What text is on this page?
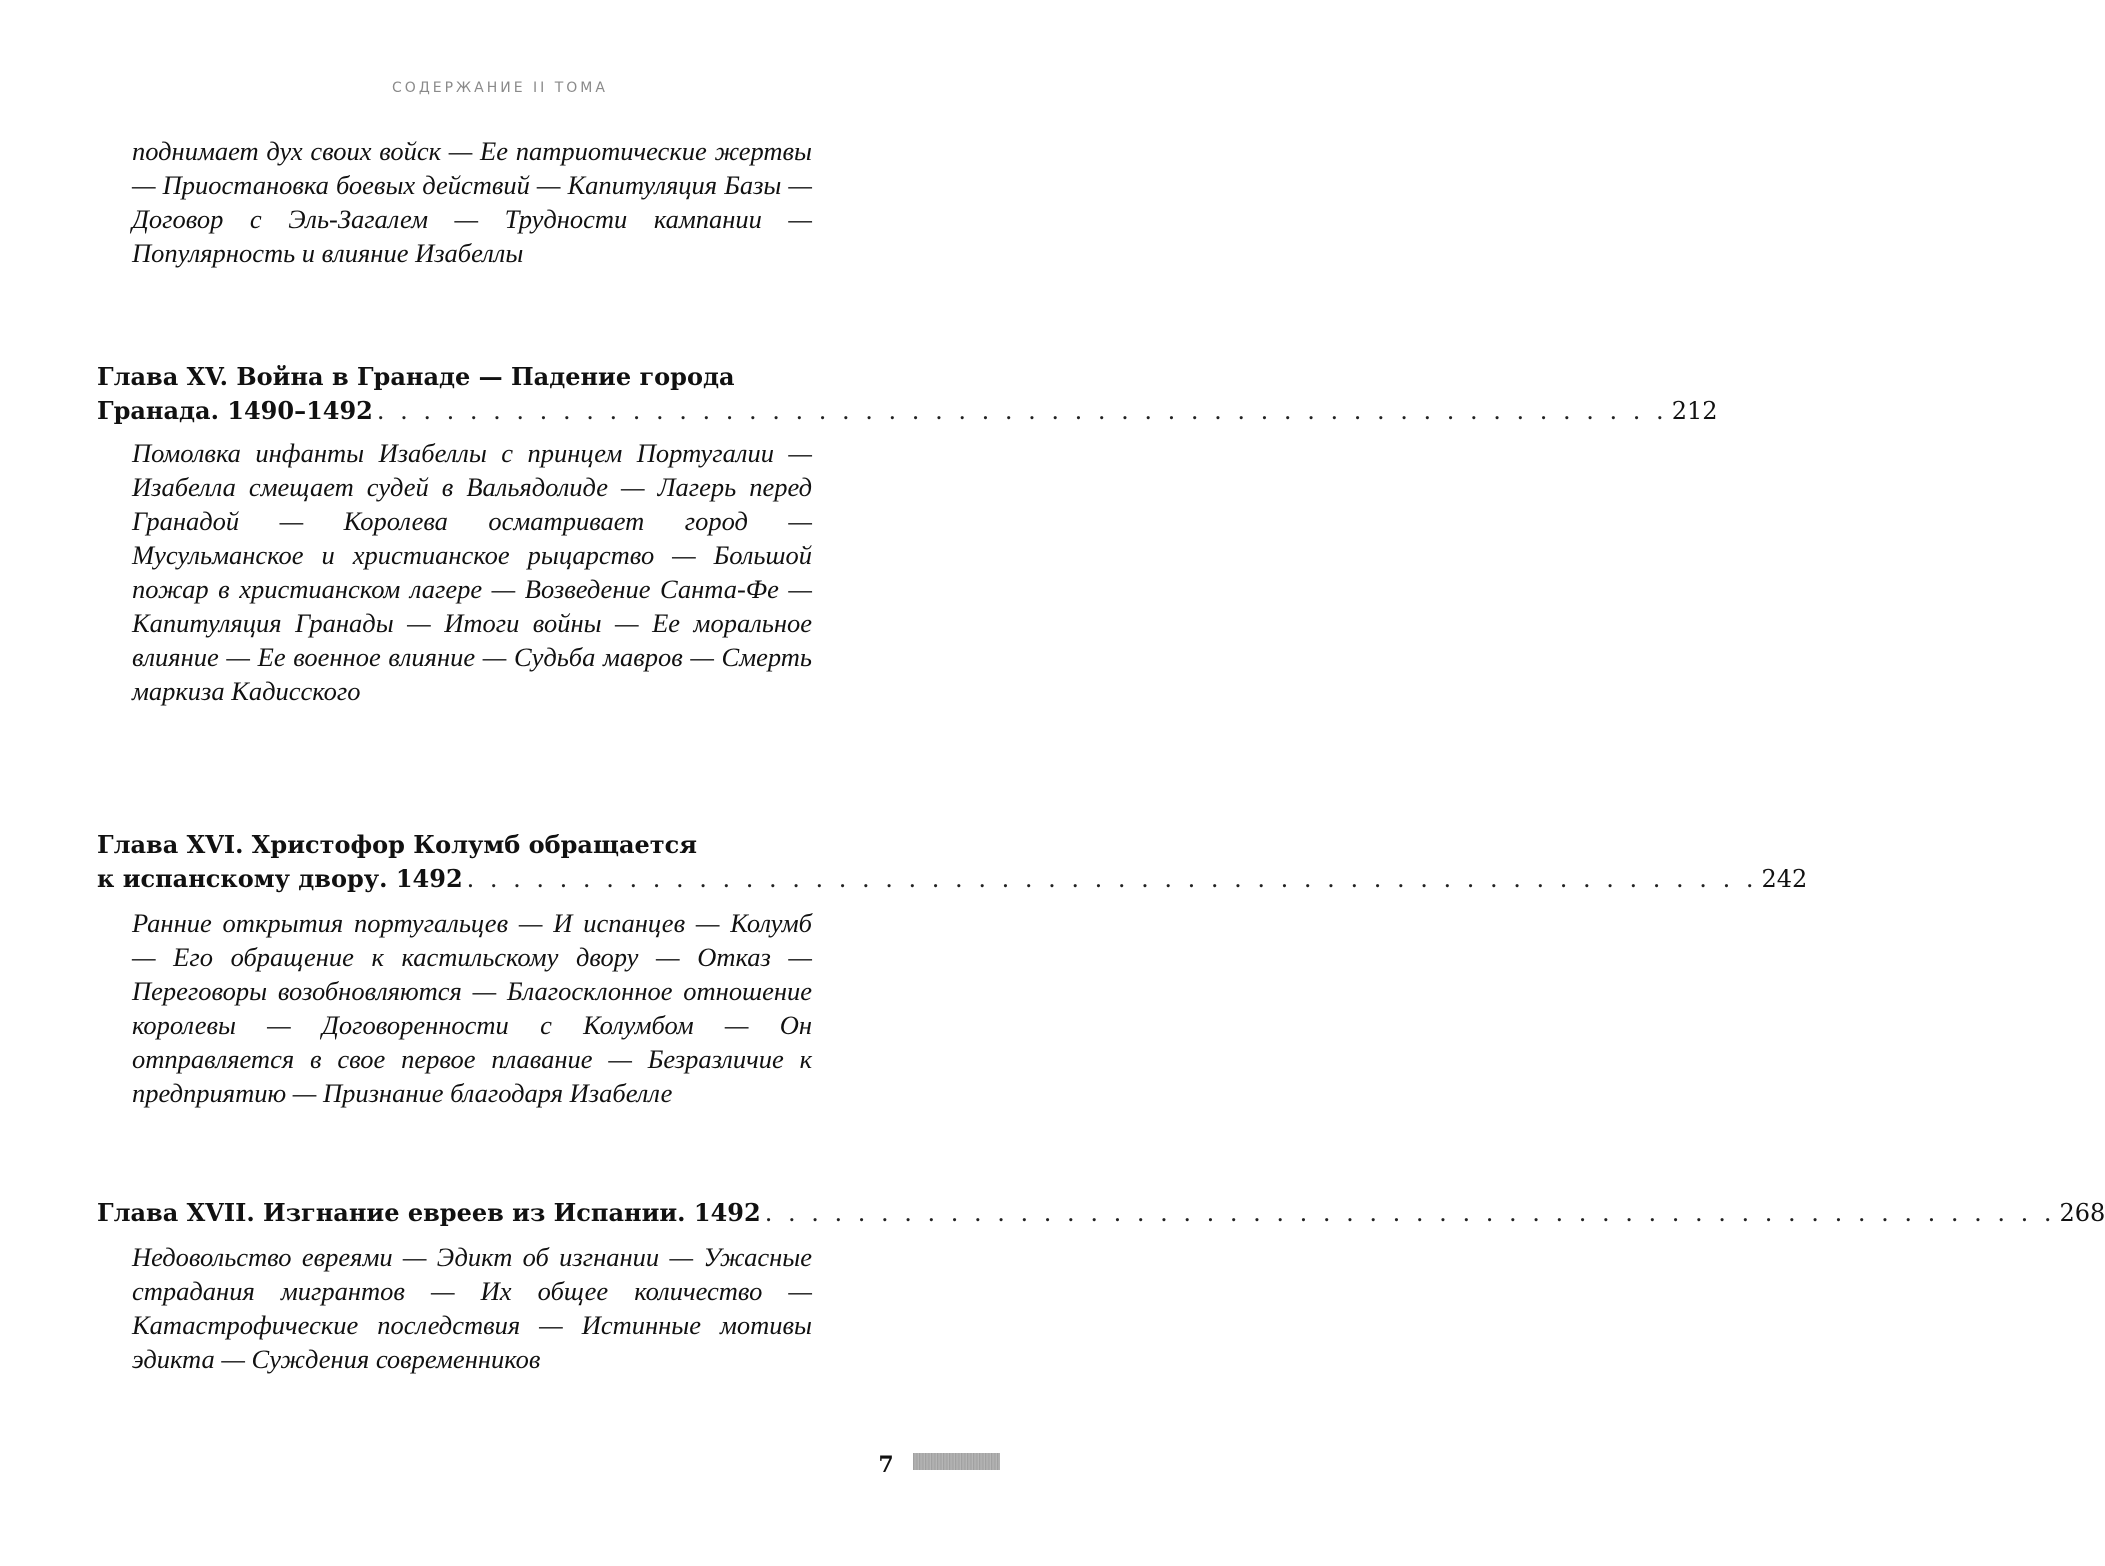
СОДЕРЖАНИЕ II ТОМА
поднимает дух своих войск — Ее патриотические жертвы — Приостановка боевых действий — Капитуляция Базы — Договор с Эль-Загалем — Трудности кампании — Популярность и влияние Изабеллы
Глава XV. Война в Гранаде — Падение города
Гранада. 1490–1492 . . . . . . . . . . . . . . . . . . . . . . . . . . . . . . . . . . . . . . . . . . . . . . . . . . . . . . . . 212
Помолвка инфанты Изабеллы с принцем Португалии — Изабелла смещает судей в Вальядолиде — Лагерь перед Гранадой — Королева осматривает город — Мусульманское и христианское рыцарство — Большой пожар в христианском лагере — Возведение Санта-Фе — Капитуляция Гранады — Итоги войны — Ее моральное влияние — Ее военное влияние — Судьба мавров — Смерть маркиза Кадисского
Глава XVI. Христофор Колумб обращается
к испанскому двору. 1492 . . . . . . . . . . . . . . . . . . . . . . . . . . . . . . . . . . . . . . . . . . . . . . . . . . . . . . . . 242
Ранние открытия португальцев — И испанцев — Колумб — Его обращение к кастильскому двору — Отказ — Переговоры возобновляются — Благосклонное отношение королевы — Договоренности с Колумбом — Он отправляется в свое первое плавание — Безразличие к предприятию — Признание благодаря Изабелле
Глава XVII. Изгнание евреев из Испании. 1492 . . . . . . . . . . . . . . . . . . . . . . . . . . . . . . . . . . . . . . . . . . . . . . . . . . . . . . . . 268
Недовольство евреями — Эдикт об изгнании — Ужасные страдания мигрантов — Их общее количество — Катастрофические последствия — Истинные мотивы эдикта — Суждения современников
7
